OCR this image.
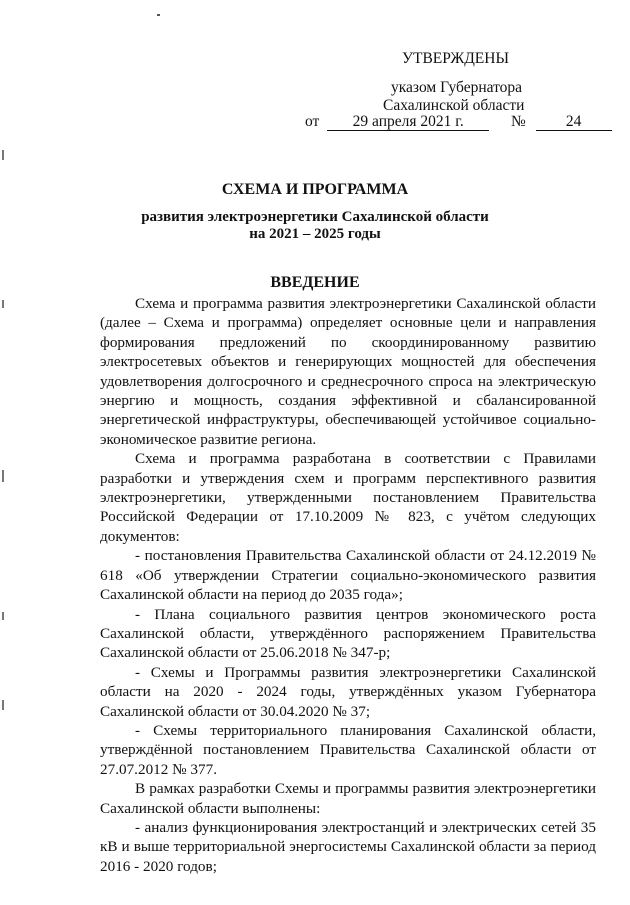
УТВЕРЖДЕНЫ
указом Губернатора
Сахалинской области
от 29 апреля 2021 г.	№	24
СХЕМА И ПРОГРАММА
развития электроэнергетики Сахалинской области
на 2021 – 2025 годы
ВВЕДЕНИЕ

Схема и программа развития электроэнергетики Сахалинской области (далее – Схема и программа) определяет основные цели и направления формирования предложений по скоординированному развитию электросетевых объектов и генерирующих мощностей для обеспечения удовлетворения долгосрочного и среднесрочного спроса на электрическую энергию и мощность, создания эффективной и сбалансированной энергетической инфраструктуры, обеспечивающей устойчивое социально-экономическое развитие региона.

Схема и программа разработана в соответствии с Правилами разработки и утверждения схем и программ перспективного развития электроэнергетики, утвержденными постановлением Правительства Российской Федерации от 17.10.2009 № 823, с учётом следующих документов:

- постановления Правительства Сахалинской области от 24.12.2019 № 618 «Об утверждении Стратегии социально-экономического развития Сахалинской области на период до 2035 года»;

- Плана социального развития центров экономического роста Сахалинской области, утверждённого распоряжением Правительства Сахалинской области от 25.06.2018 № 347-р;

- Схемы и Программы развития электроэнергетики Сахалинской области на 2020 - 2024 годы, утверждённых указом Губернатора Сахалинской области от 30.04.2020 № 37;

- Схемы территориального планирования Сахалинской области, утверждённой постановлением Правительства Сахалинской области от 27.07.2012 № 377.

В рамках разработки Схемы и программы развития электроэнергетики Сахалинской области выполнены:

- анализ функционирования электростанций и электрических сетей 35 кВ и выше территориальной энергосистемы Сахалинской области за период 2016 - 2020 годов;
